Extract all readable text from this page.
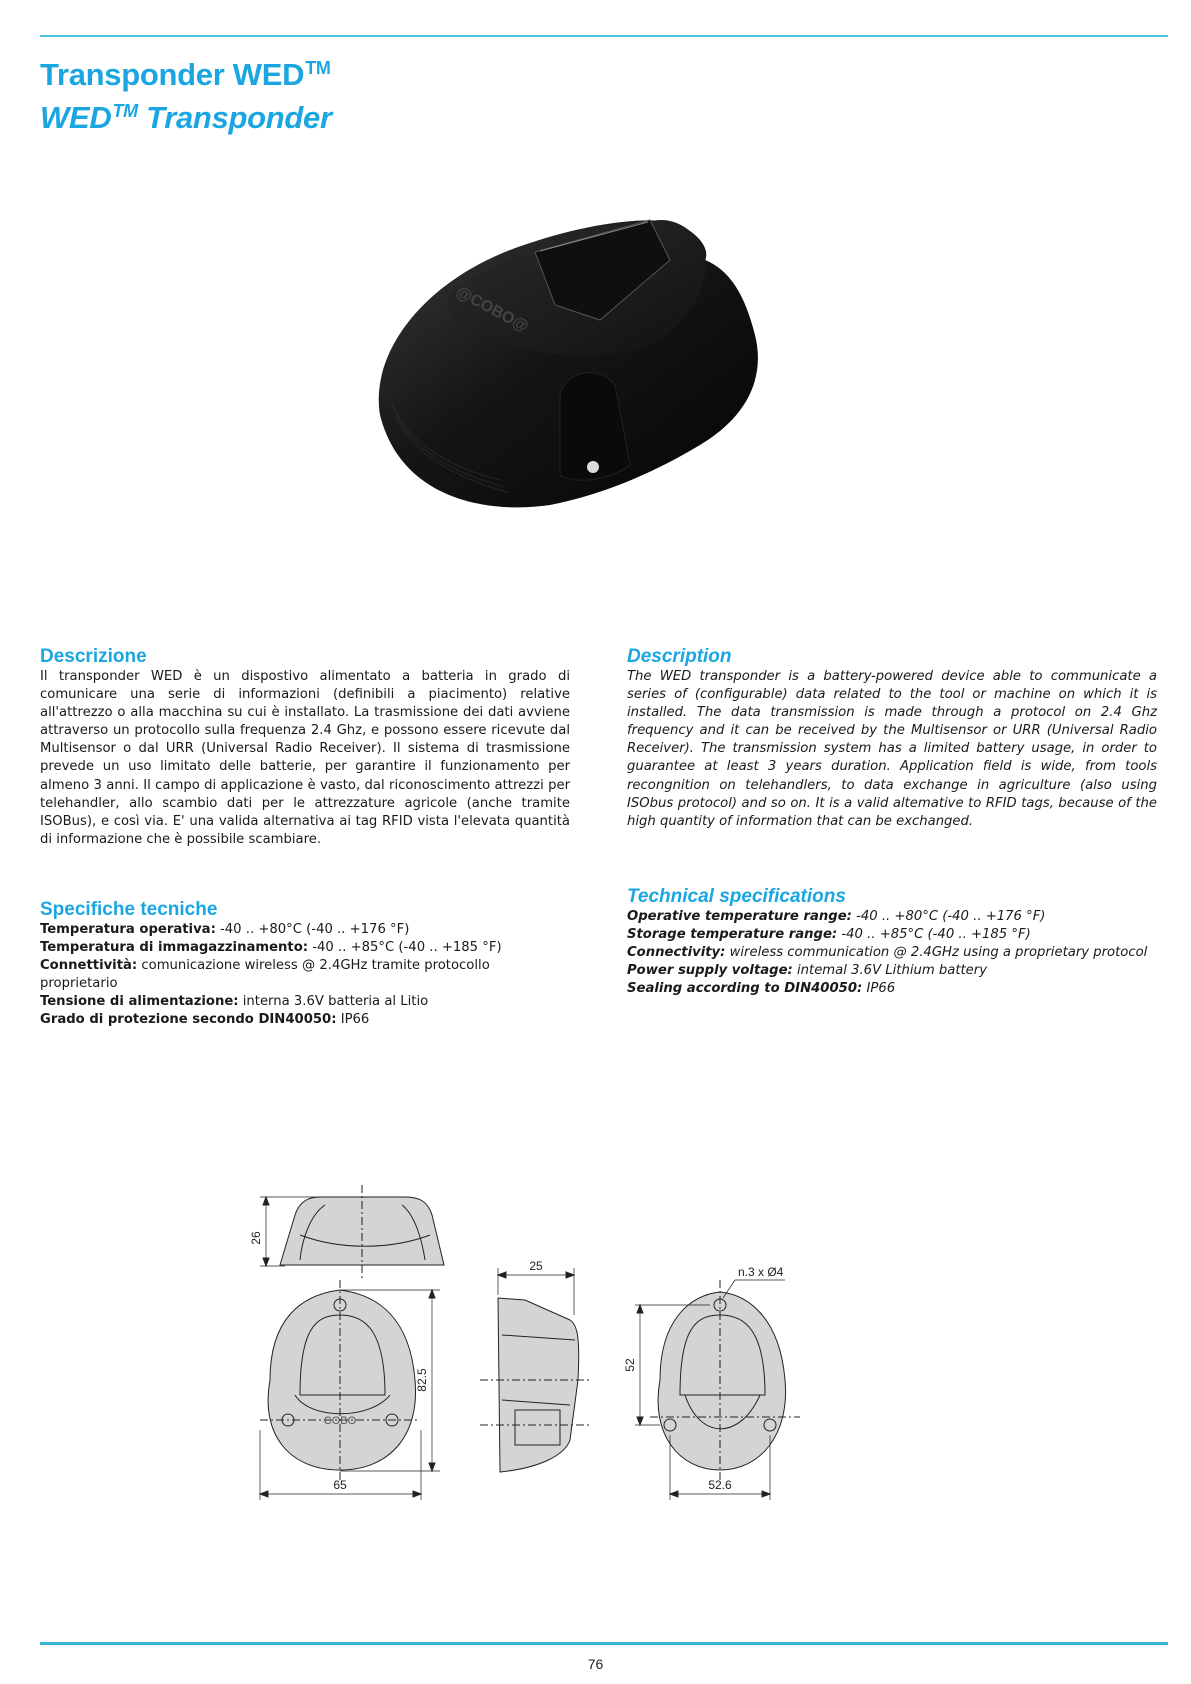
Transponder WED™
WED™ Transponder
@COBO@
Descrizione

Il transponder WED è un dispostivo alimentato a batteria in grado di comunicare una serie di informazioni (definibili a piacimento) relative all'attrezzo o alla macchina su cui è installato. La trasmissione dei dati avviene attraverso un protocollo sulla frequenza 2.4 Ghz, e possono essere ricevute dal Multisensor o dal URR (Universal Radio Receiver). Il sistema di trasmissione prevede un uso limitato delle batterie, per garantire il funzionamento per almeno 3 anni. Il campo di applicazione è vasto, dal riconoscimento attrezzi per telehandler, allo scambio dati per le attrezzature agricole (anche tramite ISOBus), e così via. E' una valida alternativa ai tag RFID vista l'elevata quantità di informazione che è possibile scambiare.

Description

The WED transponder is a battery-powered device able to communicate a series of (configurable) data related to the tool or machine on which it is installed. The data transmission is made through a protocol on 2.4 Ghz frequency and it can be received by the Multisensor or URR (Universal Radio Receiver). The transmission system has a limited battery usage, in order to guarantee at least 3 years duration. Application field is wide, from tools recongnition on telehandlers, to data exchange in agriculture (also using ISObus protocol) and so on. It is a valid altemative to RFID tags, because of the high quantity of information that can be exchanged.

Specifiche tecniche
Temperatura operativa: -40 .. +80°C (-40 .. +176 °F)
Temperatura di immagazzinamento: -40 .. +85°C (-40 .. +185 °F)
Connettività: comunicazione wireless @ 2.4GHz tramite protocollo proprietario
Tensione di alimentazione: interna 3.6V batteria al Litio
Grado di protezione secondo DIN40050: IP66
Technical specifications
Operative temperature range: -40 .. +80°C (-40 .. +176 °F)
Storage temperature range: -40 .. +85°C (-40 .. +185 °F)
Connectivity: wireless communication @ 2.4GHz using a proprietary protocol
Power supply voltage: intemal 3.6V Lithium battery
Sealing according to DIN40050: IP66
26
25
82.5
65
n.3 x Ø4
52
52.6
COBO
76
